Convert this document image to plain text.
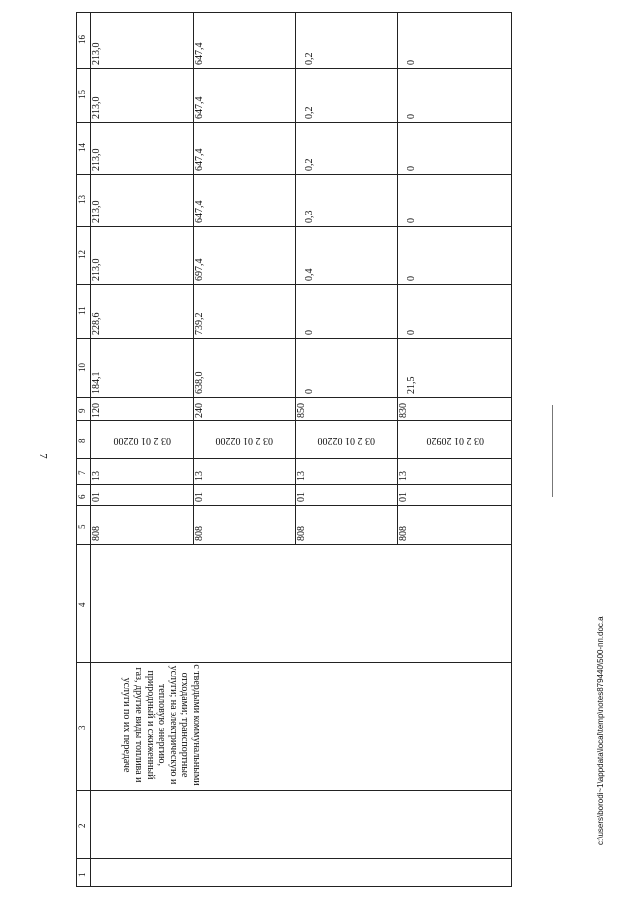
7
c:\users\borodi~1\appdata\local\temp\notes879440\500-пп.doc.a
1
2
3
4
5
6
7
8
9
10
11
12
13
14
15
16
с твердыми коммунальными отходами; транспортные услуги; на электрическую и тепловую энергию, природный и сжиженный газ, другие виды топлива и услуги по их передаче
808
01
13
120
184,1
228,6
213,0
213,0
213,0
213,0
213,0
03 2 01 02200
808
01
13
240
638,0
739,2
697,4
647,4
647,4
647,4
647,4
03 2 01 02200
808
01
13
850
0
0
0,4
0,3
0,2
0,2
0,2
03 2 01 02200
808
01
13
830
21,5
0
0
0
0
0
0
03 2 01 20920
